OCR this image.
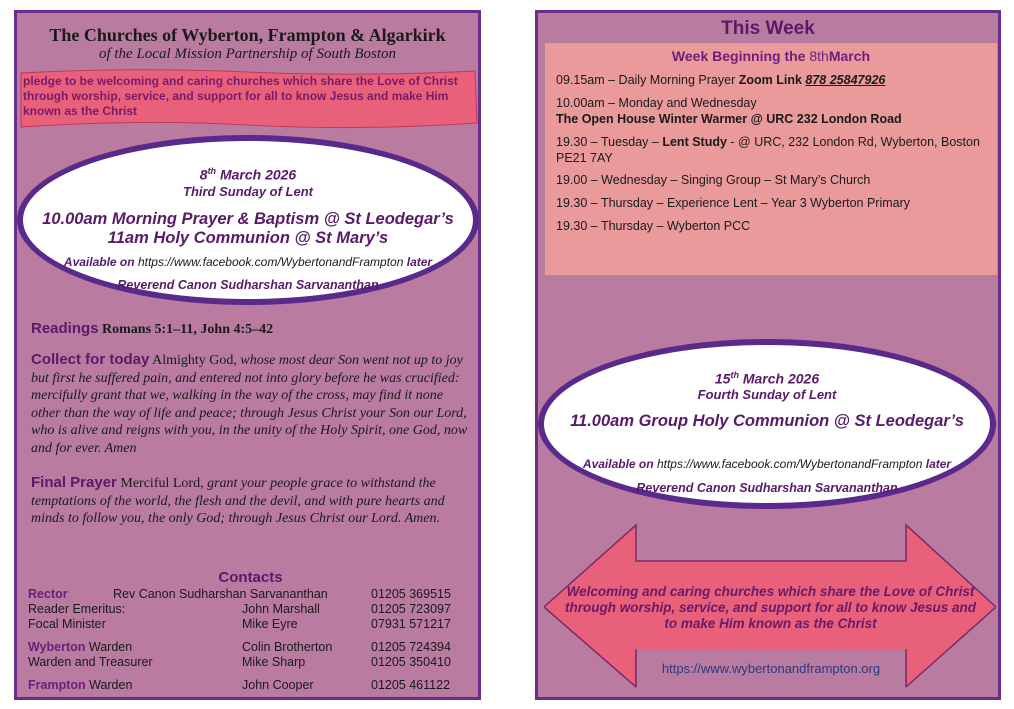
The Churches of Wyberton, Frampton & Algarkirk
of the Local Mission Partnership of South Boston
pledge to be welcoming and caring churches which share the Love of Christ through worship, service, and support for all to know Jesus and make Him known as the Christ
8th March 2026
Third Sunday of Lent
10.00am Morning Prayer & Baptism @ St Leodegar’s
11am Holy Communion @ St Mary’s
Available on https://www.facebook.com/WybertonandFrampton later
Reverend Canon Sudharshan Sarvananthan
Readings Romans 5:1–11, John 4:5–42
Collect for today Almighty God, whose most dear Son went not up to joy but first he suffered pain, and entered not into glory before he was crucified: mercifully grant that we, walking in the way of the cross, may find it none other than the way of life and peace; through Jesus Christ your Son our Lord, who is alive and reigns with you, in the unity of the Holy Spirit, one God, now and for ever. Amen
Final Prayer Merciful Lord, grant your people grace to withstand the temptations of the world, the flesh and the devil, and with pure hearts and minds to follow you, the only God; through Jesus Christ our Lord. Amen.
Contacts
Rector	Rev Canon Sudharshan Sarvananthan	01205 369515
Reader Emeritus:	John Marshall	01205 723097
Focal Minister	Mike Eyre	07931 571217
Wyberton Warden	Colin Brotherton	01205 724394
Warden and Treasurer	Mike Sharp	01205 350410
Frampton Warden	John Cooper	01205 461122
This Week
Week Beginning the 8thMarch
09.15am – Daily Morning Prayer Zoom Link 878 25847926
10.00am – Monday and Wednesday
The Open House Winter Warmer @ URC 232 London Road
19.30 – Tuesday – Lent Study - @ URC, 232 London Rd, Wyberton, Boston PE21 7AY
19.00 – Wednesday – Singing Group – St Mary’s Church
19.30 – Thursday – Experience Lent – Year 3 Wyberton Primary
19.30 – Thursday – Wyberton PCC
15th March 2026
Fourth Sunday of Lent
11.00am Group Holy Communion @ St Leodegar’s
Available on https://www.facebook.com/WybertonandFrampton later
Reverend Canon Sudharshan Sarvananthan
Welcoming and caring churches which share the Love of Christ through worship, service, and support for all to know Jesus and to make Him known as the Christ
https://www.wybertonandframpton.org
